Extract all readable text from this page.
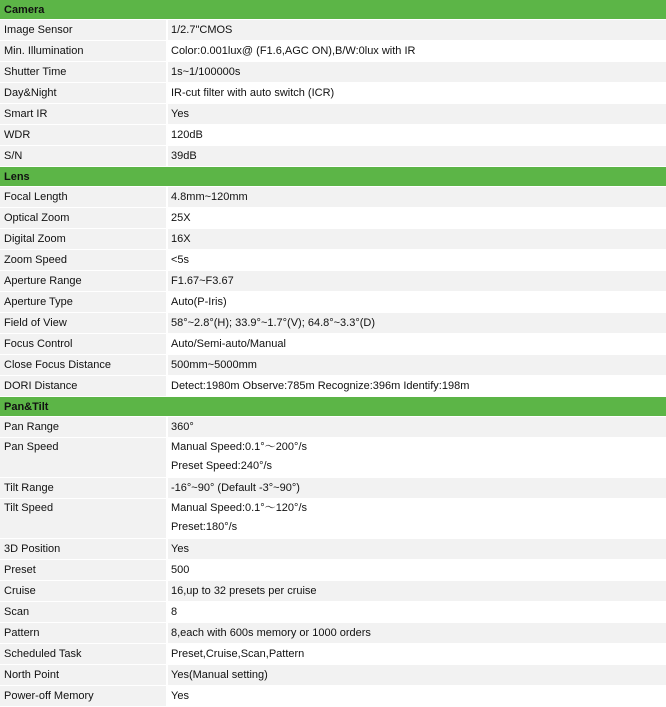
Camera
Image Sensor	1/2.7"CMOS
Min. Illumination	Color:0.001lux@ (F1.6,AGC ON),B/W:0lux with IR
Shutter Time	1s~1/100000s
Day&Night	IR-cut filter with auto switch (ICR)
Smart IR	Yes
WDR	120dB
S/N	39dB
Lens
Focal Length	4.8mm~120mm
Optical Zoom	25X
Digital Zoom	16X
Zoom Speed	<5s
Aperture Range	F1.67~F3.67
Aperture Type	Auto(P-Iris)
Field of View	58°~2.8°(H); 33.9°~1.7°(V); 64.8°~3.3°(D)
Focus Control	Auto/Semi-auto/Manual
Close Focus Distance	500mm~5000mm
DORI Distance	Detect:1980m Observe:785m Recognize:396m Identify:198m
Pan&Tilt
Pan Range	360°
Pan Speed	Manual Speed:0.1°～200°/s
Preset Speed:240°/s
Tilt Range	-16°~90° (Default -3°~90°)
Tilt Speed	Manual Speed:0.1°～120°/s
Preset:180°/s
3D Position	Yes
Preset	500
Cruise	16,up to 32 presets per cruise
Scan	8
Pattern	8,each with 600s memory or 1000 orders
Scheduled Task	Preset,Cruise,Scan,Pattern
North Point	Yes(Manual setting)
Power-off Memory	Yes
